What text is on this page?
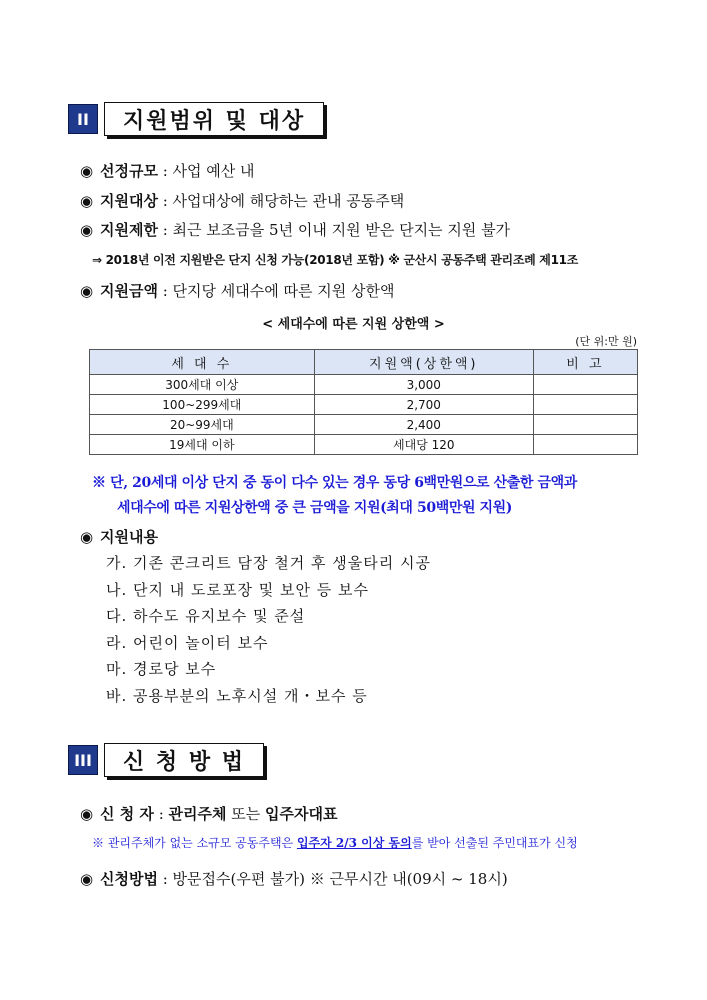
II	지원범위 및 대상
◉ 선정규모 : 사업 예산 내
◉ 지원대상 : 사업대상에 해당하는 관내 공동주택
◉ 지원제한 : 최근 보조금을 5년 이내 지원 받은 단지는 지원 불가
⇒ 2018년 이전 지원받은 단지 신청 가능(2018년 포함) ※ 군산시 공동주택 관리조례 제11조
◉ 지원금액 : 단지당 세대수에 따른 지원 상한액
< 세대수에 따른 지원 상한액 >
(단 위:만 원)
세 대 수	지원액(상한액)	비 고
300세대 이상	3,000	
100~299세대	2,700	
20~99세대	2,400	
19세대 이하	세대당 120	
※ 단, 20세대 이상 단지 중 동이 다수 있는 경우 동당 6백만원으로 산출한 금액과
세대수에 따른 지원상한액 중 큰 금액을 지원(최대 50백만원 지원)
◉ 지원내용
가. 기존 콘크리트 담장 철거 후 생울타리 시공
나. 단지 내 도로포장 및 보안 등 보수
다. 하수도 유지보수 및 준설
라. 어린이 놀이터 보수
마. 경로당 보수
바. 공용부분의 노후시설 개・보수 등
III	신 청 방 법
◉ 신 청 자 : 관리주체 또는 입주자대표
※ 관리주체가 없는 소규모 공동주택은 입주자 2/3 이상 동의를 받아 선출된 주민대표가 신청
◉ 신청방법 : 방문접수(우편 불가) ※ 근무시간 내(09시 ~ 18시)
